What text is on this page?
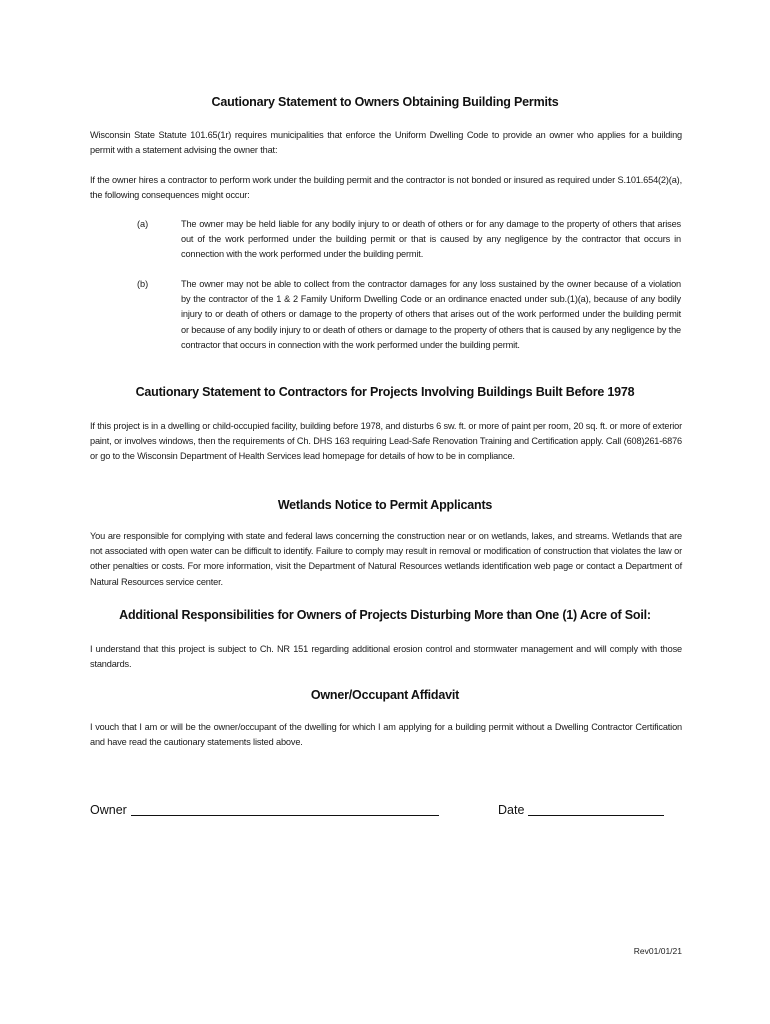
Cautionary Statement to Owners Obtaining Building Permits
Wisconsin State Statute 101.65(1r) requires municipalities that enforce the Uniform Dwelling Code to provide an owner who applies for a building permit with a statement advising the owner that:
If the owner hires a contractor to perform work under the building permit and the contractor is not bonded or insured as required under S.101.654(2)(a), the following consequences might occur:
(a)	The owner may be held liable for any bodily injury to or death of others or for any damage to the property of others that arises out of the work performed under the building permit or that is caused by any negligence by the contractor that occurs in connection with the work performed under the building permit.
(b)	The owner may not be able to collect from the contractor damages for any loss sustained by the owner because of a violation by the contractor of the 1 & 2 Family Uniform Dwelling Code or an ordinance enacted under sub.(1)(a), because of any bodily injury to or death of others or damage to the property of others that arises out of the work performed under the building permit or because of any bodily injury to or death of others or damage to the property of others that is caused by any negligence by the contractor that occurs in connection with the work performed under the building permit.
Cautionary Statement to Contractors for Projects Involving Buildings Built Before 1978
If this project is in a dwelling or child-occupied facility, building before 1978, and disturbs 6 sw. ft. or more of paint per room, 20 sq. ft. or more of exterior paint, or involves windows, then the requirements of Ch. DHS 163 requiring Lead-Safe Renovation Training and Certification apply. Call (608)261-6876 or go to the Wisconsin Department of Health Services lead homepage for details of how to be in compliance.
Wetlands Notice to Permit Applicants
You are responsible for complying with state and federal laws concerning the construction near or on wetlands, lakes, and streams. Wetlands that are not associated with open water can be difficult to identify. Failure to comply may result in removal or modification of construction that violates the law or other penalties or costs. For more information, visit the Department of Natural Resources wetlands identification web page or contact a Department of Natural Resources service center.
Additional Responsibilities for Owners of Projects Disturbing More than One (1) Acre of Soil:
I understand that this project is subject to Ch. NR 151 regarding additional erosion control and stormwater management and will comply with those standards.
Owner/Occupant Affidavit
I vouch that I am or will be the owner/occupant of the dwelling for which I am applying for a building permit without a Dwelling Contractor Certification and have read the cautionary statements listed above.
Owner	Date
Rev01/01/21
